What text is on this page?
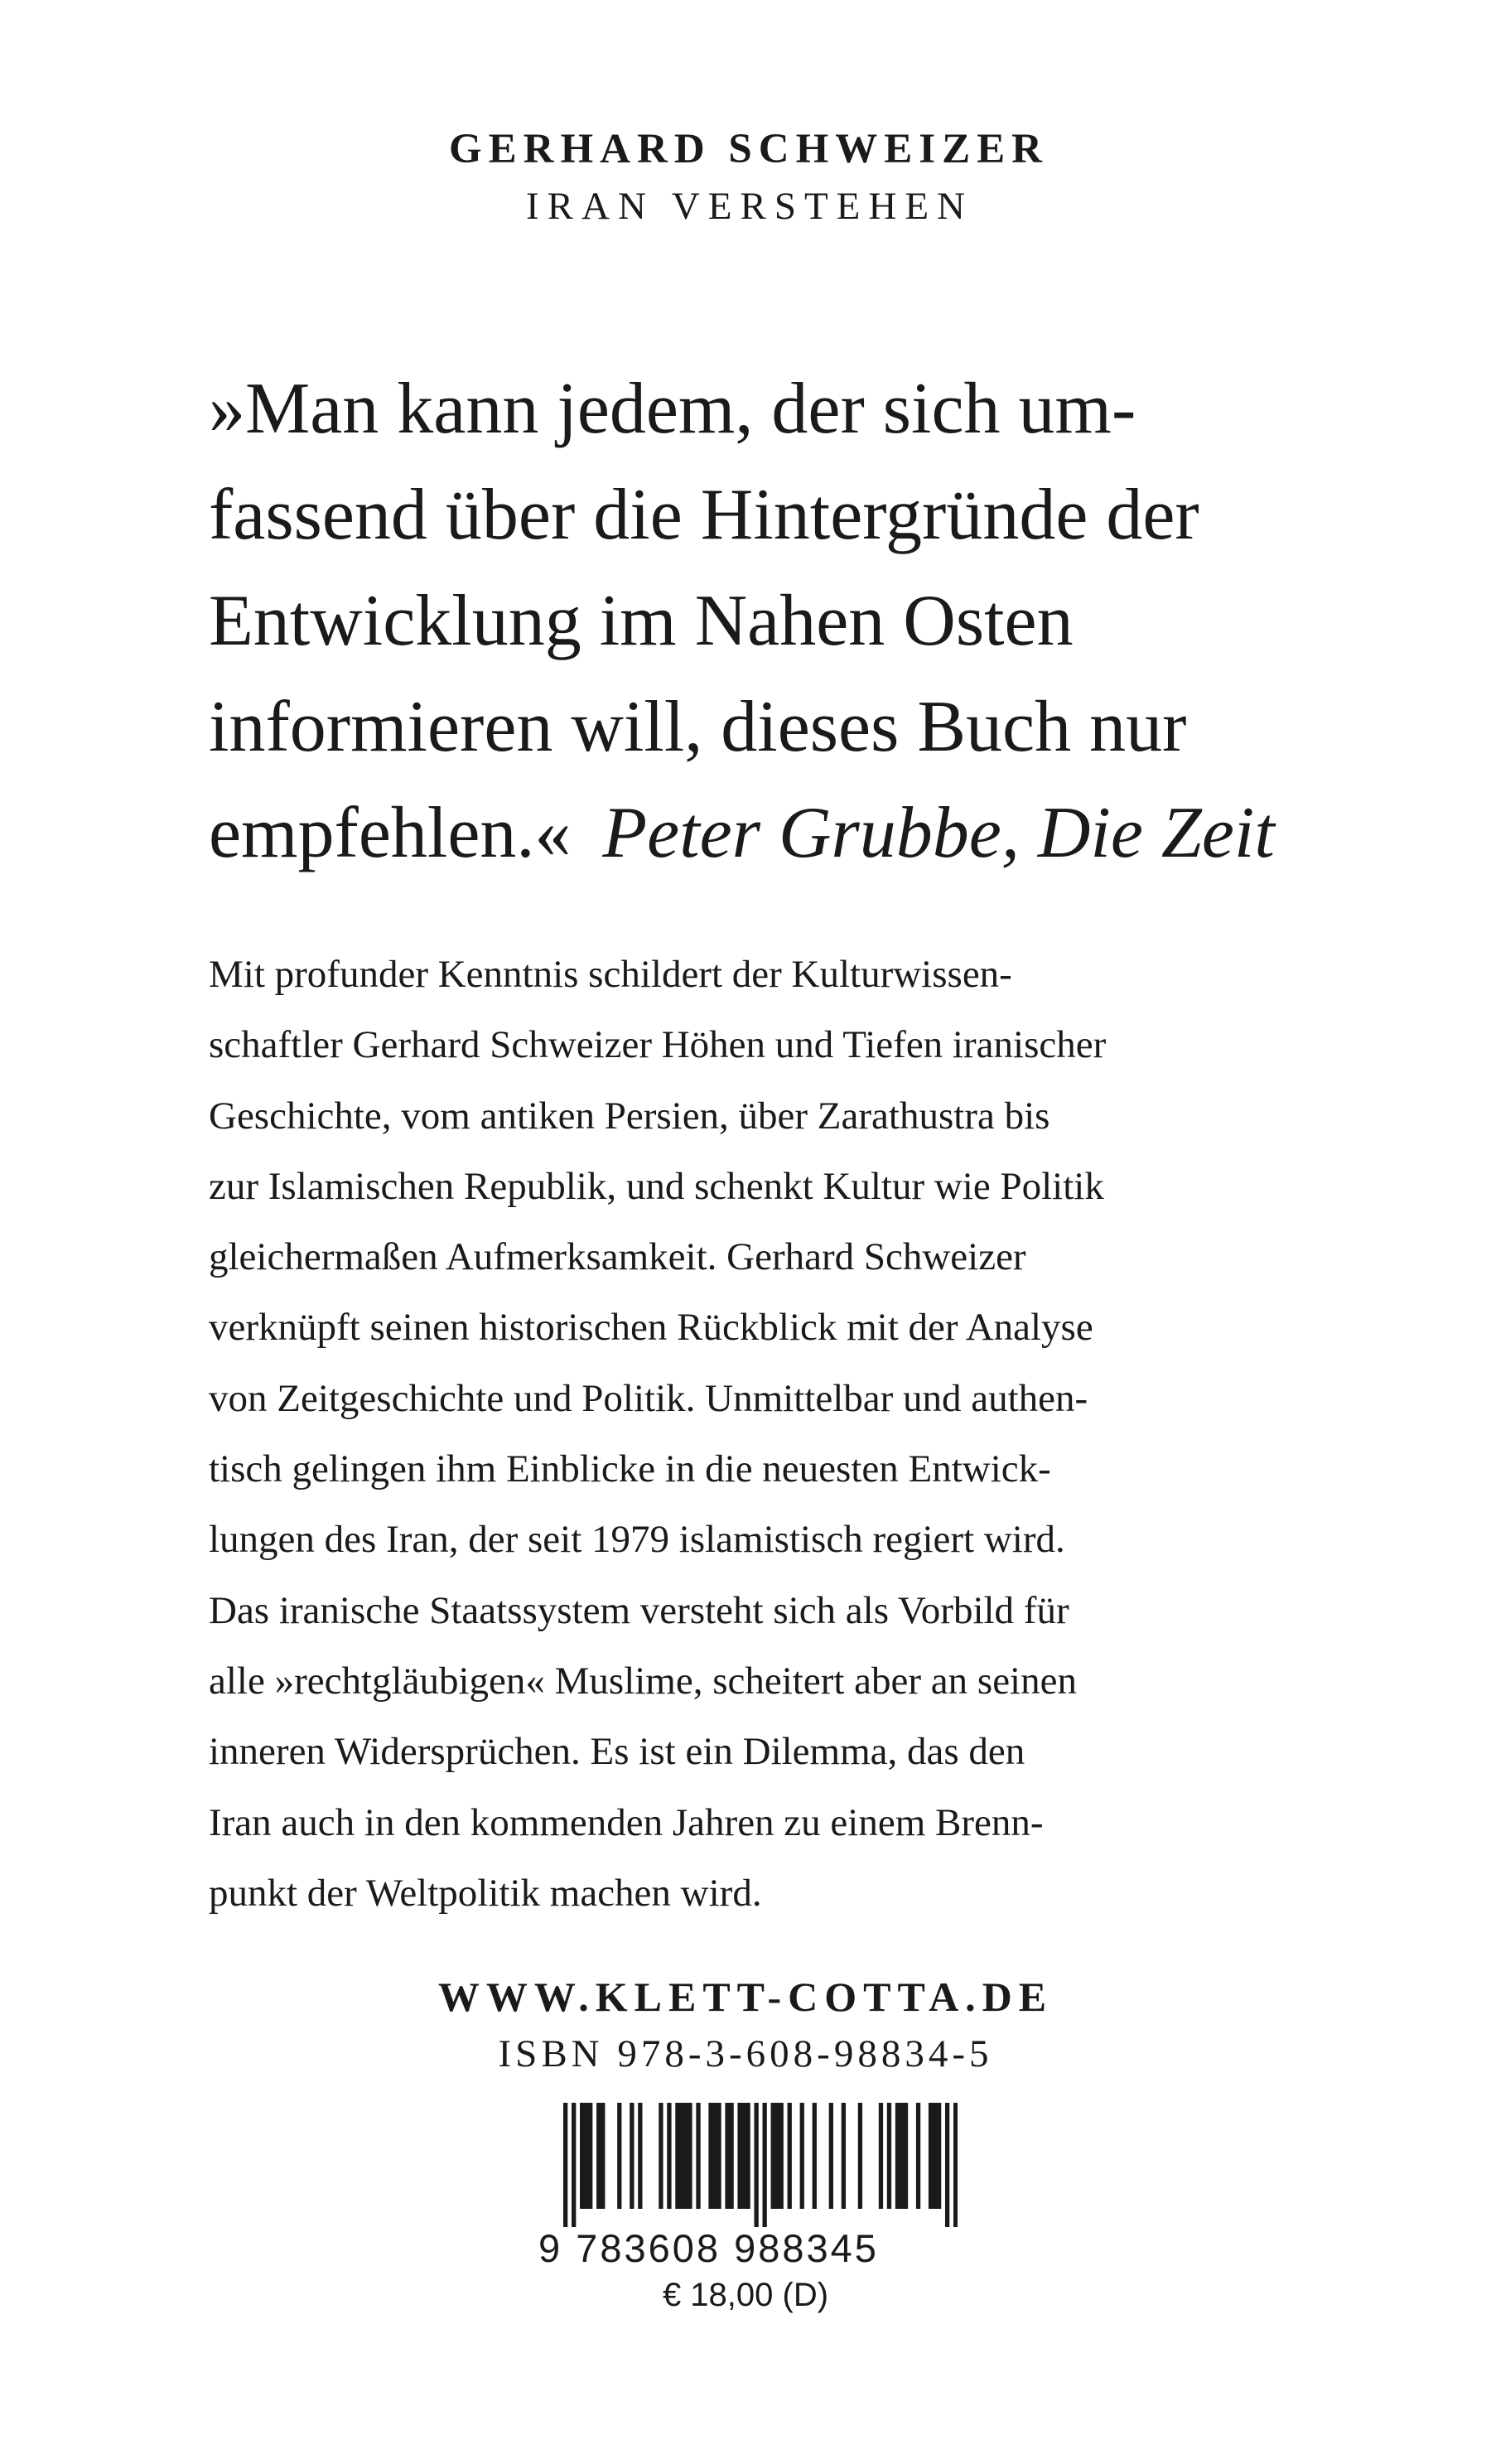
GERHARD SCHWEIZER
IRAN VERSTEHEN
»Man kann jedem, der sich um-
fassend über die Hintergründe der
Entwicklung im Nahen Osten
informieren will, dieses Buch nur
empfehlen.« Peter Grubbe, Die Zeit
Mit profunder Kenntnis schildert der Kulturwissen-
schaftler Gerhard Schweizer Höhen und Tiefen iranischer
Geschichte, vom antiken Persien, über Zarathustra bis
zur Islamischen Republik, und schenkt Kultur wie Politik
gleichermaßen Aufmerksamkeit. Gerhard Schweizer
verknüpft seinen historischen Rückblick mit der Analyse
von Zeitgeschichte und Politik. Unmittelbar und authen-
tisch gelingen ihm Einblicke in die neuesten Entwick-
lungen des Iran, der seit 1979 islamistisch regiert wird.
Das iranische Staatssystem versteht sich als Vorbild für
alle »rechtgläubigen« Muslime, scheitert aber an seinen
inneren Widersprüchen. Es ist ein Dilemma, das den
Iran auch in den kommenden Jahren zu einem Brenn-
punkt der Weltpolitik machen wird.
WWW.KLETT-COTTA.DE
ISBN 978-3-608-98834-5
9 783608 988345
€ 18,00 (D)
